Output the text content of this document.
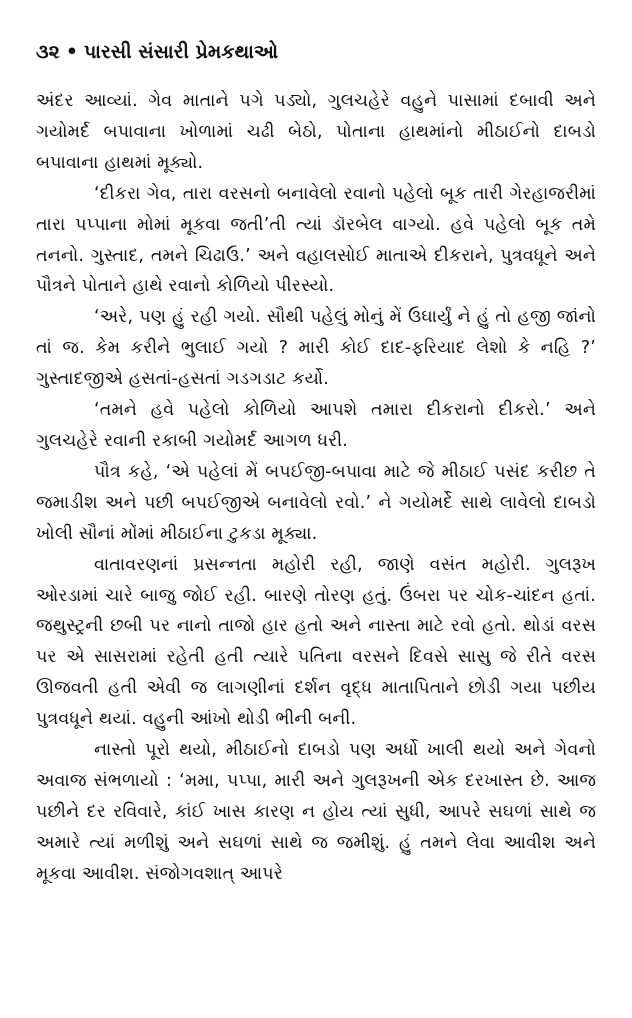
૩૨ • પારસી સંસારી પ્રેમકથાઓ

અંદર આવ્યાં. ગેવ માતાને પગે પડ્યો, ગુલચહેરે વહુને પાસામાં દબાવી અને ગયોમર્દ બપાવાના ખોળામાં ચઢી બેઠો, પોતાના હાથમાંનો મીઠાઈનો દાબડો બપાવાના હાથમાં મૂક્યો.

‘દીકરા ગેવ, તારા વરસનો બનાવેલો રવાનો પહેલો બૂક તારી ગેરહાજરીમાં તારા પપ્પાના મોમાં મૂકવા જતી’તી ત્યાં ડૉરબેલ વાગ્યો. હવે પહેલો બૂક તમે તનનો. ગુસ્તાદ, તમને ચિઢાઉ.’ અને વહાલસોઈ માતાએ દીકરાને, પુત્રવધૂને અને પૌત્રને પોતાને હાથે રવાનો કોળિયો પીરસ્યો.

‘અરે, પણ હું રહી ગયો. સૌથી પહેલું મોનું મેં ઉઘાર્યું ને હું તો હજી જાંનો તાં જ. કેમ કરીને ભુલાઈ ગયો ? મારી કોઈ દાદ-ફરિયાદ લેશો કે નહિ ?’ ગુસ્તાદજીએ હસતાં-હસતાં ગડગડાટ કર્યો.

‘તમને હવે પહેલો કોળિયો આપશે તમારા દીકરાનો દીકરો.’ અને ગુલચહેરે રવાની રકાબી ગયોમર્દ આગળ ધરી.

પૌત્ર કહે, ‘એ પહેલાં મેં બપઈજી-બપાવા માટે જે મીઠાઈ પસંદ કરીછ તે જમાડીશ અને પછી બપઈજીએ બનાવેલો રવો.’ ને ગયોમર્દે સાથે લાવેલો દાબડો ખોલી સૌનાં મોંમાં મીઠાઈના ટુકડા મૂક્યા.

વાતાવરણનાં પ્રસન્નતા મહોરી રહી, જાણે વસંત મહોરી. ગુલરૂખ ઓરડામાં ચારે બાજુ જોઈ રહી. બારણે તોરણ હતું. ઉંબરા પર ચોક-ચાંદન હતાં. જથુસ્ટ્રની છબી પર નાનો તાજો હાર હતો અને નાસ્તા માટે રવો હતો. થોડાં વરસ પર એ સાસરામાં રહેતી હતી ત્યારે પતિના વરસને દિવસે સાસુ જે રીતે વરસ ઊજવતી હતી એવી જ લાગણીનાં દર્શન વૃદ્ધ માતાપિતાને છોડી ગયા પછીય પુત્રવધૂને થયાં. વહુની આંખો થોડી ભીની બની.

નાસ્તો પૂરો થયો, મીઠાઈનો દાબડો પણ અર્ધો ખાલી થયો અને ગેવનો અવાજ સંભળાયો : ‘મમા, પપ્પા, મારી અને ગુલરૂખની એક દરખાસ્ત છે. આજ પછીને દર રવિવારે, કાંઈ ખાસ કારણ ન હોય ત્યાં સુધી, આપરે સઘળાં સાથે જ અમારે ત્યાં મળીશું અને સઘળાં સાથે જ જમીશું. હું તમને લેવા આવીશ અને મૂકવા આવીશ. સંજોગવશાત્ આપરે
